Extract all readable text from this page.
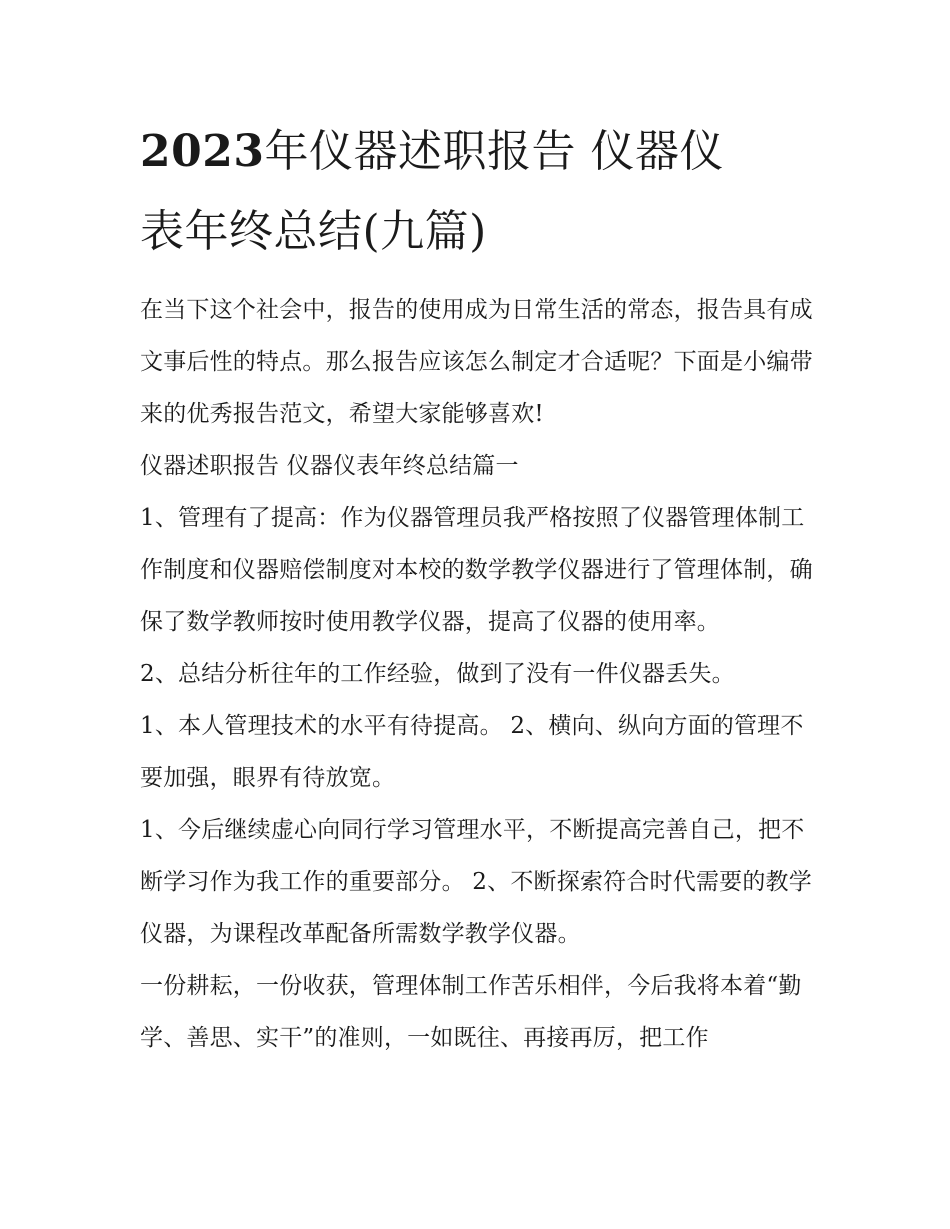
2023年仪器述职报告 仪器仪
表年终总结(九篇)

在当下这个社会中，报告的使用成为日常生活的常态，报告具有成文事后性的特点。那么报告应该怎么制定才合适呢？下面是小编带来的优秀报告范文，希望大家能够喜欢!

仪器述职报告 仪器仪表年终总结篇一

1、管理有了提高：作为仪器管理员我严格按照了仪器管理体制工作制度和仪器赔偿制度对本校的数学教学仪器进行了管理体制，确保了数学教师按时使用教学仪器，提高了仪器的使用率。

2、总结分析往年的工作经验，做到了没有一件仪器丢失。

1、本人管理技术的水平有待提高。 2、横向、纵向方面的管理不要加强，眼界有待放宽。

1、今后继续虚心向同行学习管理水平，不断提高完善自己，把不断学习作为我工作的重要部分。 2、不断探索符合时代需要的教学仪器，为课程改革配备所需数学教学仪器。

一份耕耘，一份收获，管理体制工作苦乐相伴，今后我将本着“勤学、善思、实干”的准则，一如既往、再接再厉，把工作
